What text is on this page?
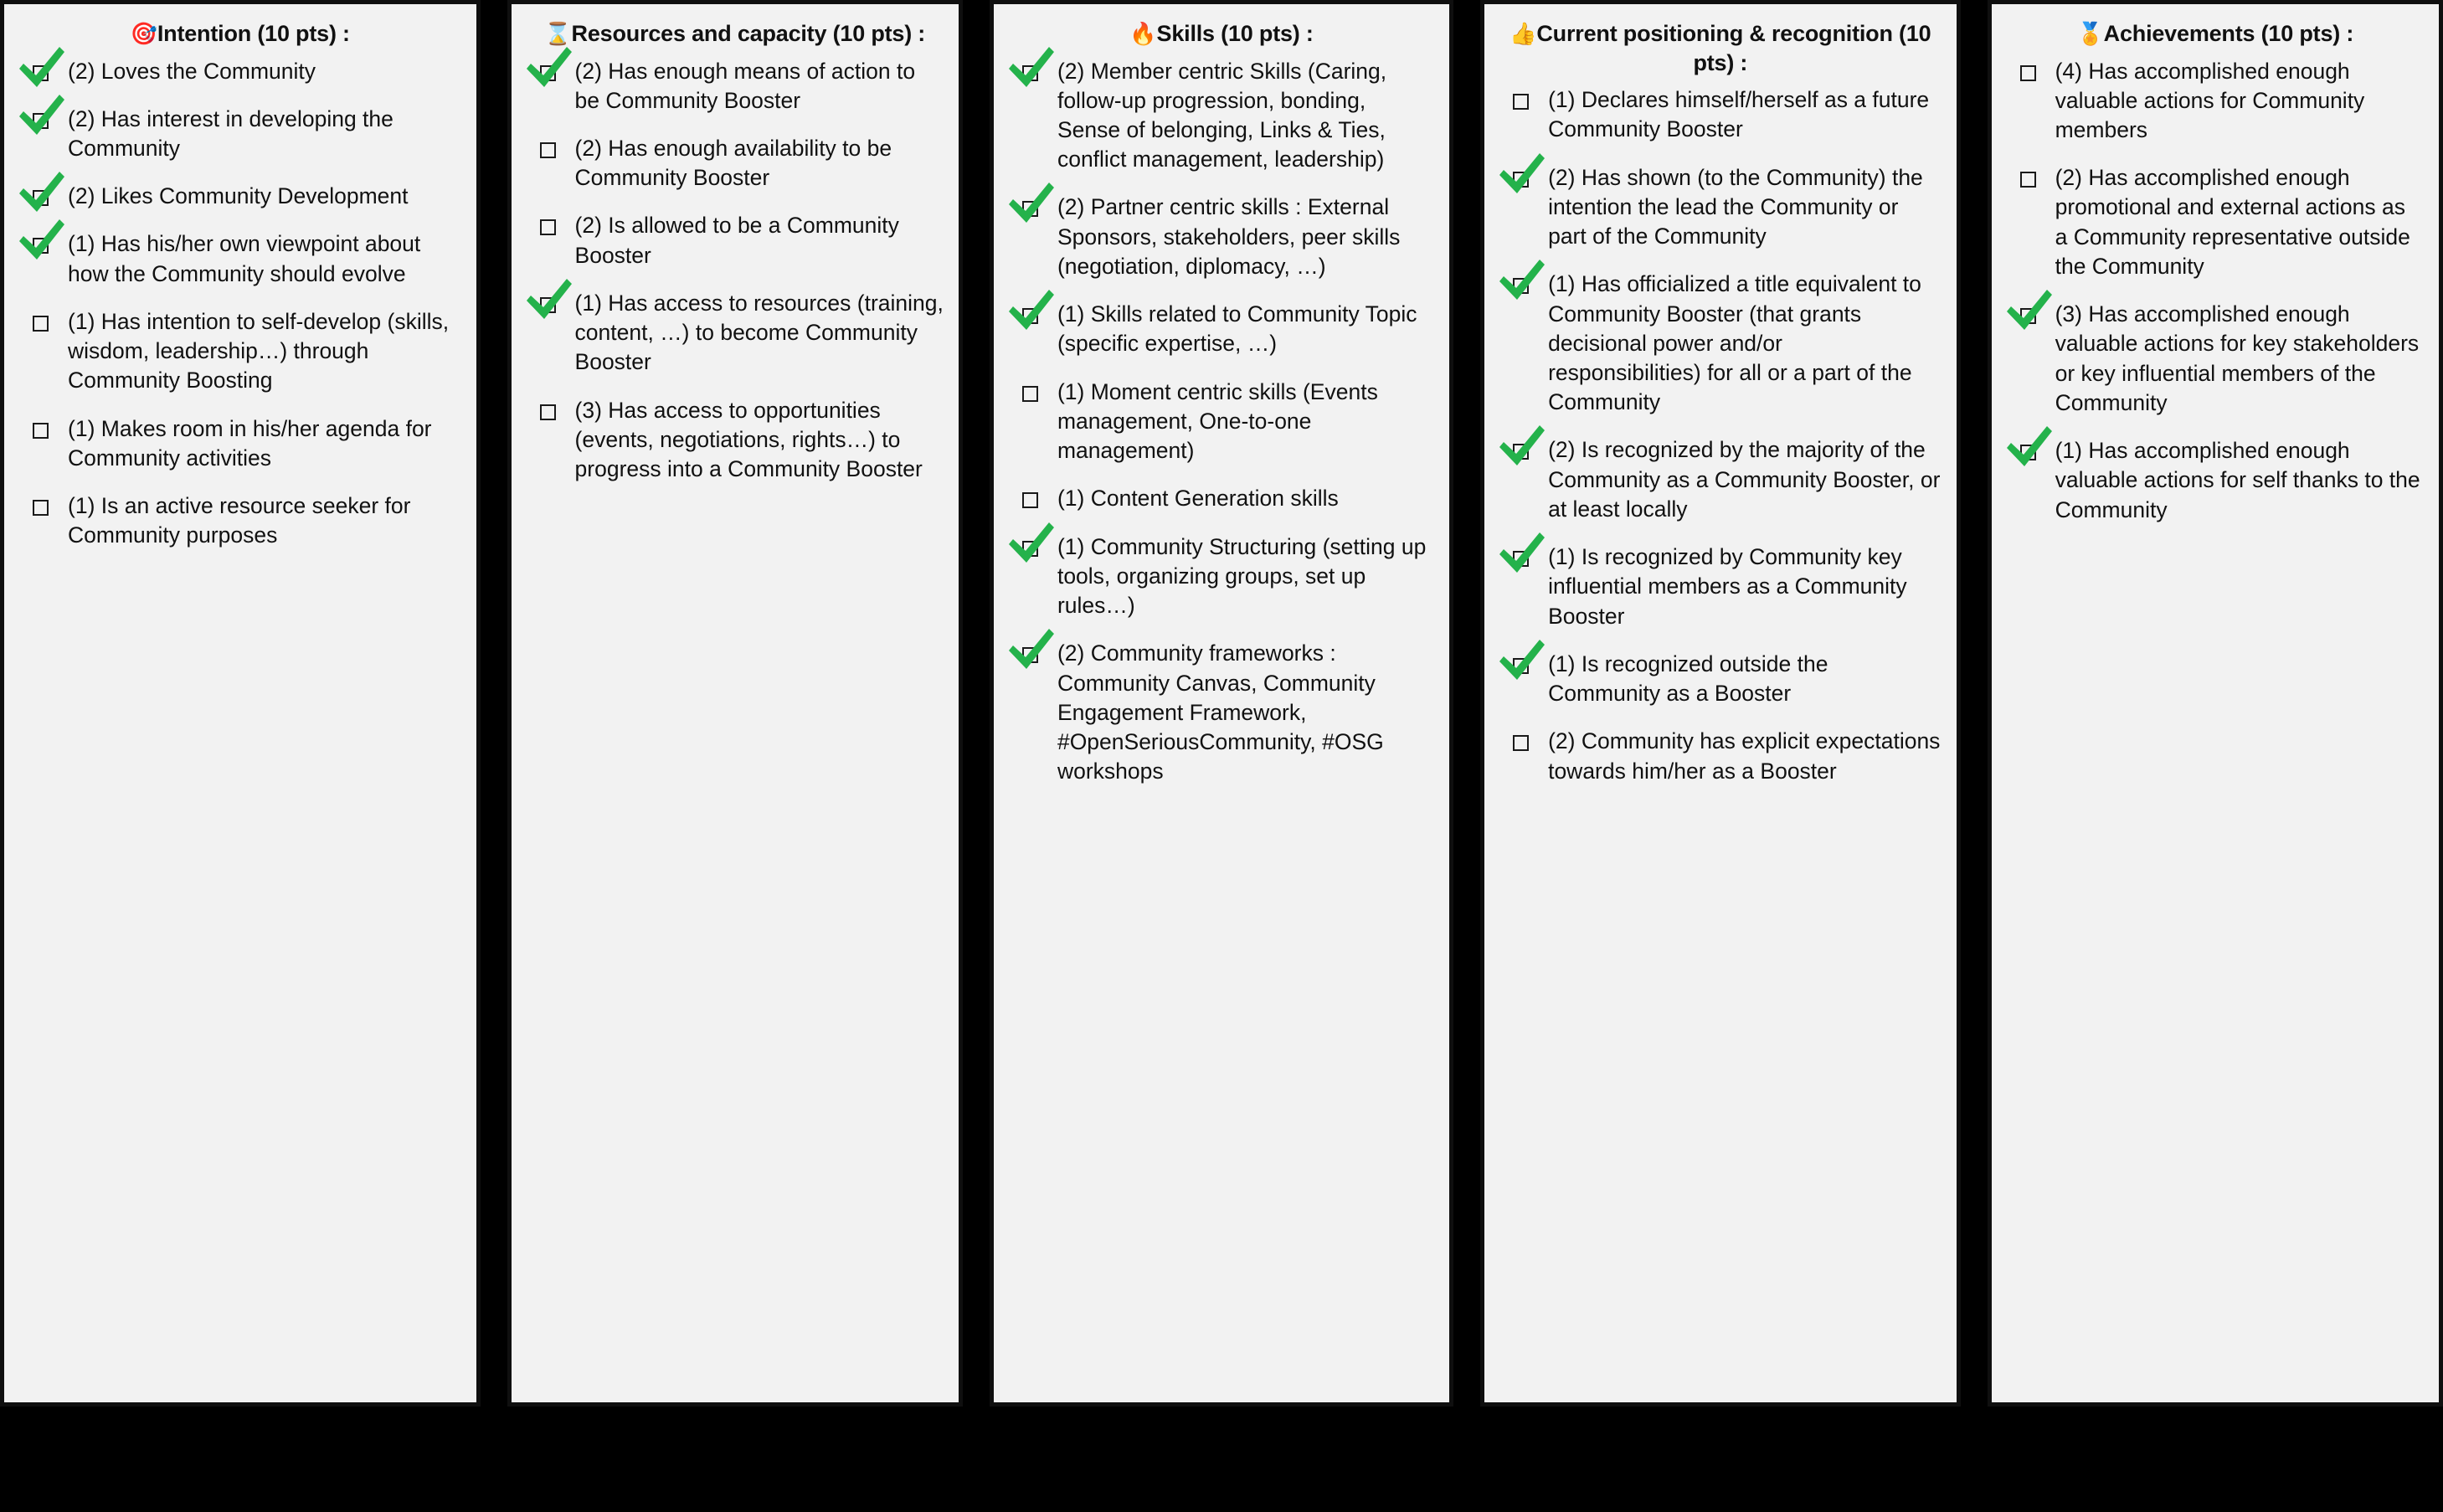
🎯Intention (10 pts) :
(2) Loves the Community
(2) Has interest in developing the Community
(2) Likes Community Development
(1) Has his/her own viewpoint about how the Community should evolve
(1) Has intention to self-develop (skills, wisdom, leadership…) through Community Boosting
(1) Makes room in his/her agenda for Community activities
(1) Is an active resource seeker for Community purposes
⌛Resources and capacity (10 pts) :
(2) Has enough means of action to be Community Booster
(2) Has enough availability to be Community Booster
(2) Is allowed to be a Community Booster
(1) Has access to resources (training, content, …) to become Community Booster
(3) Has access to opportunities (events, negotiations, rights…) to progress into a Community Booster
🔥Skills (10 pts) :
(2) Member centric Skills (Caring, follow-up progression, bonding, Sense of belonging, Links & Ties, conflict management, leadership)
(2) Partner centric skills : External Sponsors, stakeholders, peer skills (negotiation, diplomacy, …)
(1) Skills related to Community Topic (specific expertise, …)
(1) Moment centric skills (Events management, One-to-one management)
(1) Content Generation skills
(1) Community Structuring (setting up tools, organizing groups, set up rules…)
(2) Community frameworks : Community Canvas, Community Engagement Framework, #OpenSeriousCommunity, #OSG workshops
👍Current positioning & recognition (10 pts) :
(1) Declares himself/herself as a future Community Booster
(2) Has shown (to the Community) the intention the lead the Community or part of the Community
(1) Has officialized a title equivalent to Community Booster (that grants decisional power and/or responsibilities) for all or a part of the Community
(2) Is recognized by the majority of the Community as a Community Booster, or at least locally
(1) Is recognized by Community key influential members as a Community Booster
(1) Is recognized outside the Community as a Booster
(2) Community has explicit expectations towards him/her as a Booster
🏅Achievements (10 pts) :
(4) Has accomplished enough valuable actions for Community members
(2) Has accomplished enough promotional and external actions as a Community representative outside the Community
(3) Has accomplished enough valuable actions for key stakeholders or key influential members of the Community
(1) Has accomplished enough valuable actions for self thanks to the Community
